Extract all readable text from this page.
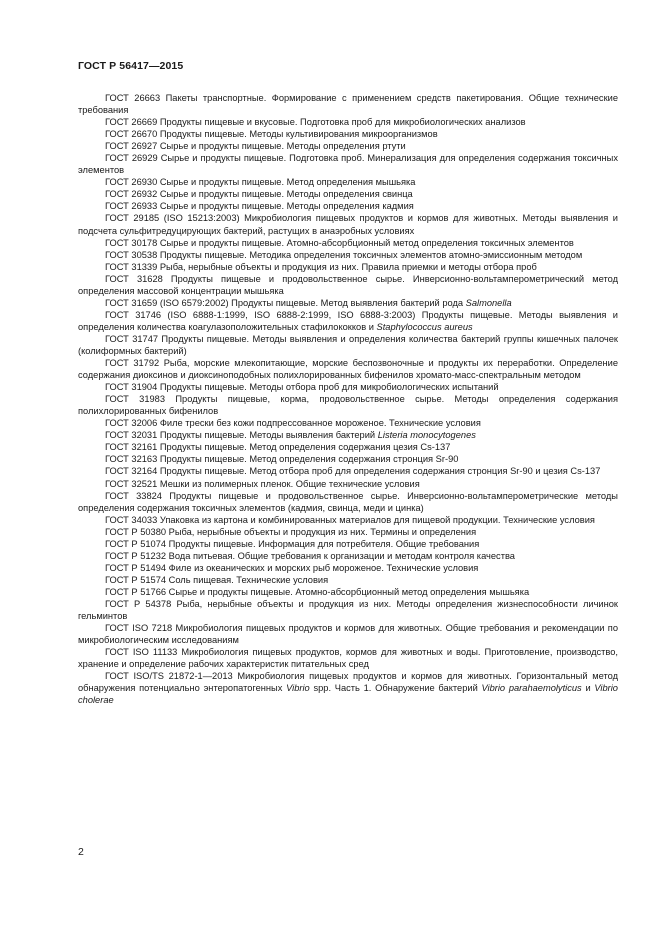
ГОСТ Р 56417—2015

ГОСТ 26663 Пакеты транспортные. Формирование с применением средств пакетирования. Общие технические требования

ГОСТ 26669 Продукты пищевые и вкусовые. Подготовка проб для микробиологических анализов

ГОСТ 26670 Продукты пищевые. Методы культивирования микроорганизмов

ГОСТ 26927 Сырье и продукты пищевые. Методы определения ртути

ГОСТ 26929 Сырье и продукты пищевые. Подготовка проб. Минерализация для определения содержания токсичных элементов

ГОСТ 26930 Сырье и продукты пищевые. Метод определения мышьяка

ГОСТ 26932 Сырье и продукты пищевые. Методы определения свинца

ГОСТ 26933 Сырье и продукты пищевые. Методы определения кадмия

ГОСТ 29185 (ISO 15213:2003) Микробиология пищевых продуктов и кормов для животных. Методы выявления и подсчета сульфитредуцирующих бактерий, растущих в анаэробных условиях

ГОСТ 30178 Сырье и продукты пищевые. Атомно-абсорбционный метод определения токсичных элементов

ГОСТ 30538 Продукты пищевые. Методика определения токсичных элементов атомно-эмиссионным методом

ГОСТ 31339 Рыба, нерыбные объекты и продукция из них. Правила приемки и методы отбора проб

ГОСТ 31628 Продукты пищевые и продовольственное сырье. Инверсионно-вольтамперометрический метод определения массовой концентрации мышьяка

ГОСТ 31659 (ISO 6579:2002) Продукты пищевые. Метод выявления бактерий рода Salmonella

ГОСТ 31746 (ISO 6888-1:1999, ISO 6888-2:1999, ISO 6888-3:2003) Продукты пищевые. Методы выявления и определения количества коагулазоположительных стафилококков и Staphylococcus aureus

ГОСТ 31747 Продукты пищевые. Методы выявления и определения количества бактерий группы кишечных палочек (колиформных бактерий)

ГОСТ 31792 Рыба, морские млекопитающие, морские беспозвоночные и продукты их переработки. Определение содержания диоксинов и диоксиноподобных полихлорированных бифенилов хромато-масс-спектральным методом

ГОСТ 31904 Продукты пищевые. Методы отбора проб для микробиологических испытаний

ГОСТ 31983 Продукты пищевые, корма, продовольственное сырье. Методы определения содержания полихлорированных бифенилов

ГОСТ 32006 Филе трески без кожи подпрессованное мороженое. Технические условия

ГОСТ 32031 Продукты пищевые. Методы выявления бактерий Listeria monocytogenes

ГОСТ 32161 Продукты пищевые. Метод определения содержания цезия Cs-137

ГОСТ 32163 Продукты пищевые. Метод определения содержания стронция Sr-90

ГОСТ 32164 Продукты пищевые. Метод отбора проб для определения содержания стронция Sr-90 и цезия Cs-137

ГОСТ 32521 Мешки из полимерных пленок. Общие технические условия

ГОСТ 33824 Продукты пищевые и продовольственное сырье. Инверсионно-вольтамперометрические методы определения содержания токсичных элементов (кадмия, свинца, меди и цинка)

ГОСТ 34033 Упаковка из картона и комбинированных материалов для пищевой продукции. Технические условия

ГОСТ Р 50380 Рыба, нерыбные объекты и продукция из них. Термины и определения

ГОСТ Р 51074 Продукты пищевые. Информация для потребителя. Общие требования

ГОСТ Р 51232 Вода питьевая. Общие требования к организации и методам контроля качества

ГОСТ Р 51494 Филе из океанических и морских рыб мороженое. Технические условия

ГОСТ Р 51574 Соль пищевая. Технические условия

ГОСТ Р 51766 Сырье и продукты пищевые. Атомно-абсорбционный метод определения мышьяка

ГОСТ Р 54378 Рыба, нерыбные объекты и продукция из них. Методы определения жизнеспособности личинок гельминтов

ГОСТ ISO 7218 Микробиология пищевых продуктов и кормов для животных. Общие требования и рекомендации по микробиологическим исследованиям

ГОСТ ISO 11133 Микробиология пищевых продуктов, кормов для животных и воды. Приготовление, производство, хранение и определение рабочих характеристик питательных сред

ГОСТ ISO/TS 21872-1—2013 Микробиология пищевых продуктов и кормов для животных. Горизонтальный метод обнаружения потенциально энтеропатогенных Vibrio spp. Часть 1. Обнаружение бактерий Vibrio parahaemolyticus и Vibrio cholerae

2
